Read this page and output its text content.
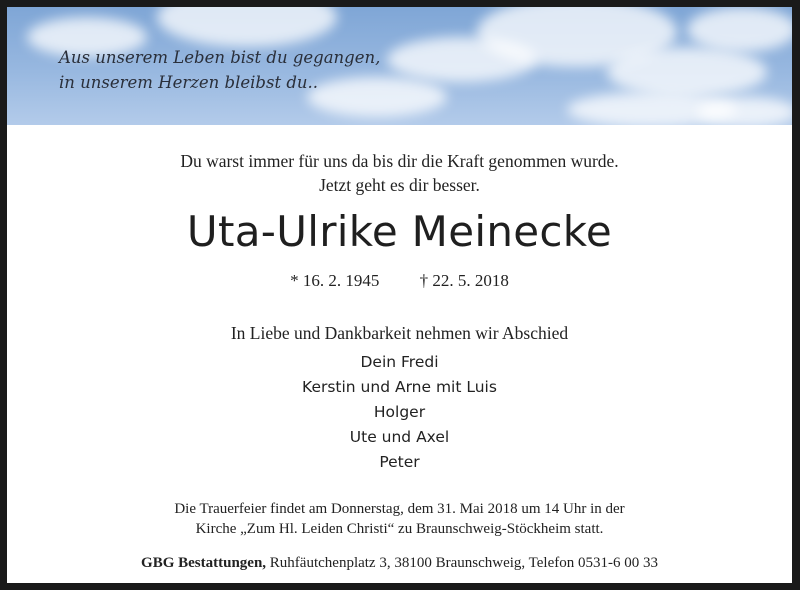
Aus unserem Leben bist du gegangen,
in unserem Herzen bleibst du..

Du warst immer für uns da bis dir die Kraft genommen wurde.
Jetzt geht es dir besser.
Uta-Ulrike Meinecke
* 16. 2. 1945 † 22. 5. 2018
In Liebe und Dankbarkeit nehmen wir Abschied
Dein Fredi
Kerstin und Arne mit Luis
Holger
Ute und Axel
Peter
Die Trauerfeier findet am Donnerstag, dem 31. Mai 2018 um 14 Uhr in der
Kirche „Zum Hl. Leiden Christi“ zu Braunschweig-Stöckheim statt.
GBG Bestattungen, Ruhfäutchenplatz 3, 38100 Braunschweig, Telefon 0531-6 00 33
